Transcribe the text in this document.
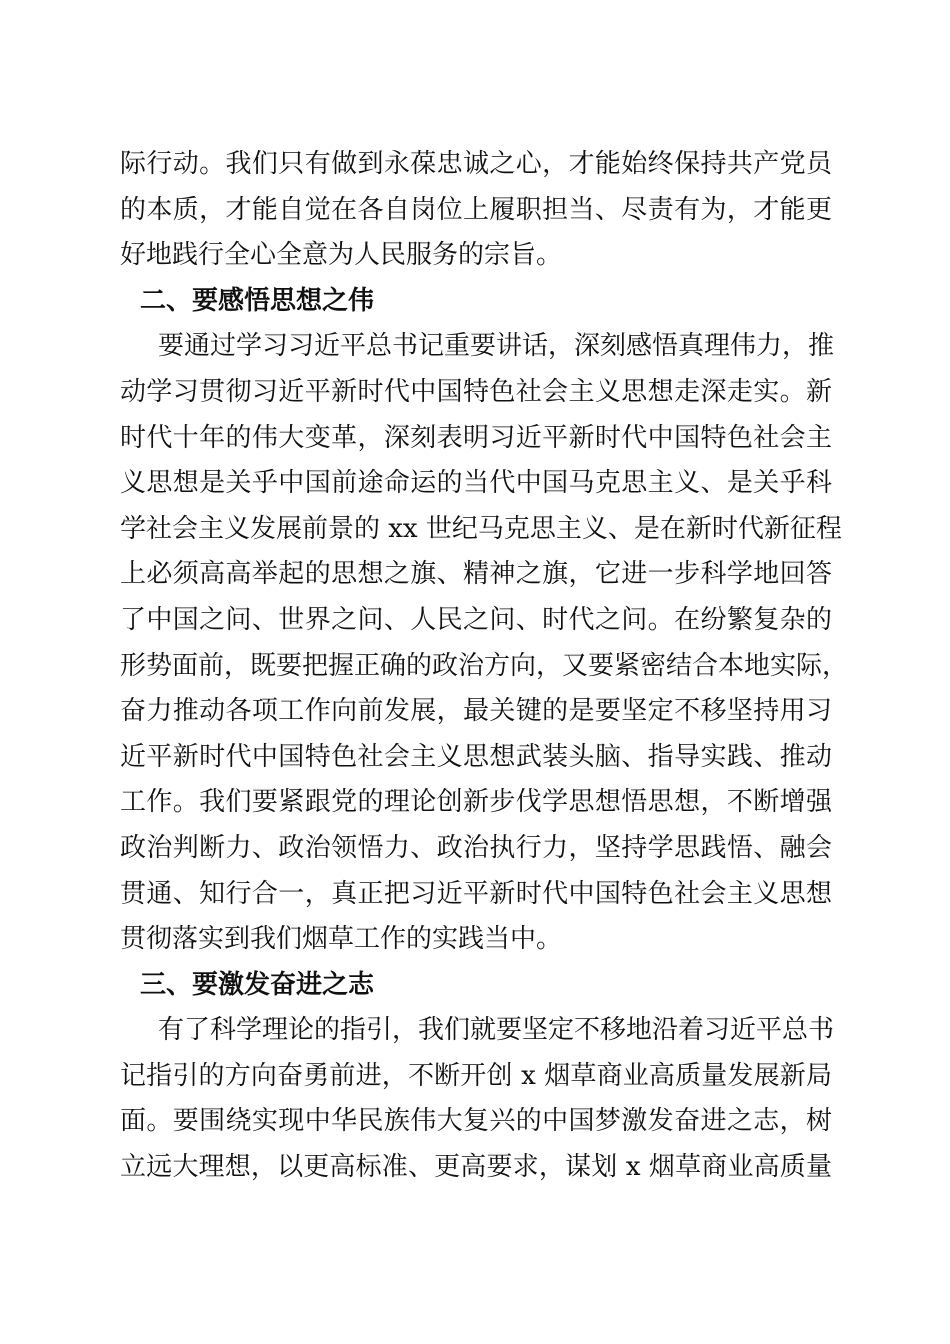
际行动。我们只有做到永葆忠诚之心，才能始终保持共产党员
的本质，才能自觉在各自岗位上履职担当、尽责有为，才能更
好地践行全心全意为人民服务的宗旨。
二、要感悟思想之伟
要通过学习习近平总书记重要讲话，深刻感悟真理伟力，推
动学习贯彻习近平新时代中国特色社会主义思想走深走实。新
时代十年的伟大变革，深刻表明习近平新时代中国特色社会主
义思想是关乎中国前途命运的当代中国马克思主义、是关乎科
学社会主义发展前景的 xx 世纪马克思主义、是在新时代新征程
上必须高高举起的思想之旗、精神之旗，它进一步科学地回答
了中国之问、世界之问、人民之问、时代之问。在纷繁复杂的
形势面前，既要把握正确的政治方向，又要紧密结合本地实际，
奋力推动各项工作向前发展，最关键的是要坚定不移坚持用习
近平新时代中国特色社会主义思想武装头脑、指导实践、推动
工作。我们要紧跟党的理论创新步伐学思想悟思想，不断增强
政治判断力、政治领悟力、政治执行力，坚持学思践悟、融会
贯通、知行合一，真正把习近平新时代中国特色社会主义思想
贯彻落实到我们烟草工作的实践当中。
三、要激发奋进之志
有了科学理论的指引，我们就要坚定不移地沿着习近平总书
记指引的方向奋勇前进，不断开创 x 烟草商业高质量发展新局
面。要围绕实现中华民族伟大复兴的中国梦激发奋进之志，树
立远大理想，以更高标准、更高要求，谋划 x 烟草商业高质量
